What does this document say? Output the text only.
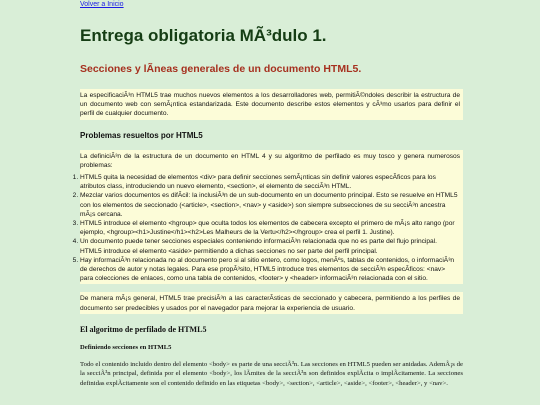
Volver a Inicio
Entrega obligatoria MÃ³dulo 1.
Secciones y lÃneas generales de un documento HTML5.

La especificaciÃ³n HTML5 trae muchos nuevos elementos a los desarrolladores web, permitiÃ©ndoles describir la estructura de un documento web con semÃ¡ntica estandarizada. Este documento describe estos elementos y cÃ³mo usarlos para definir el perfil de cualquier documento.

Problemas resueltos por HTML5

La definiciÃ³n de la estructura de un documento en HTML 4 y su algoritmo de perfilado es muy tosco y genera numerosos problemas:

1. HTML5 quita la necesidad de elementos <div> para definir secciones semÃ¡nticas sin definir valores especÃficos para los atributos class, introduciendo un nuevo elemento, <section>, el elemento de secciÃ³n HTML.
2. Mezclar varios documentos es difÃcil: la inclusiÃ³n de un sub-documento en un documento principal. Esto se resuelve en HTML5 con los elementos de seccionado (<article>, <section>, <nav> y <aside>) son siempre subsecciones de su secciÃ³n ancestra mÃ¡s cercana.
3. HTML5 introduce el elemento <hgroup> que oculta todos los elementos de cabecera excepto el primero de mÃ¡s alto rango (por ejemplo, <hgroup><h1>Justine</h1><h2>Les Malheurs de la Vertu</h2></hgroup> crea el perfil 1. Justine).
4. Un documento puede tener secciones especiales conteniendo informaciÃ³n relacionada que no es parte del flujo principal. HTML5 introduce el elemento <aside> permitiendo a dichas secciones no ser parte del perfil principal.
5. Hay informaciÃ³n relacionada no al documento pero si al sitio entero, como logos, menÃºs, tablas de contenidos, o informaciÃ³n de derechos de autor y notas legales. Para ese propÃ³sito, HTML5 introduce tres elementos de secciÃ³n especÃficos: <nav> para colecciones de enlaces, como una tabla de contenidos, <footer> y <header> informaciÃ³n relacionada con el sitio.

De manera mÃ¡s general, HTML5 trae precisiÃ³n a las caracterÃsticas de seccionado y cabecera, permitiendo a los perfiles de documento ser predecibles y usados por el navegador para mejorar la experiencia de usuario.

El algoritmo de perfilado de HTML5
Definiendo secciones en HTML5

Todo el contenido incluido dentro del elemento <body> es parte de una secciÃ³n. Las secciones en HTML5 pueden ser anidadas. AdemÃ¡s de la secciÃ³n principal, definida por el elemento <body>, los lÃmites de la secciÃ³n son definidos explÃcita o implÃcitamente. La secciones definidas explÃcitamente son el contenido definido en las etiquetas <body>, <section>, <article>, <aside>, <footer>, <header>, y <nav>.
